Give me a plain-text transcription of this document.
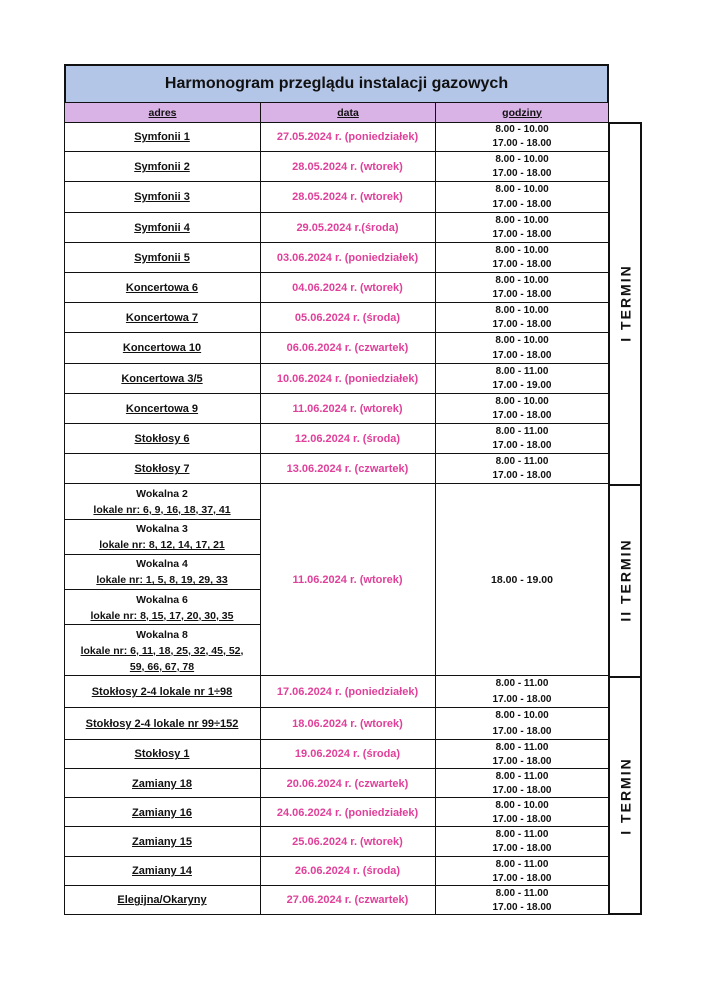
Harmonogram przeglądu instalacji gazowych
adres	data	godziny
Symfonii 1	27.05.2024 r. (poniedziałek)
8.00 - 10.00
17.00 - 18.00
Symfonii 2	28.05.2024 r. (wtorek)
8.00 - 10.00
17.00 - 18.00
Symfonii 3	28.05.2024 r. (wtorek)
8.00 - 10.00
17.00 - 18.00
Symfonii 4	29.05.2024 r.(środa)
8.00 - 10.00
17.00 - 18.00
Symfonii 5	03.06.2024 r. (poniedziałek)
8.00 - 10.00
17.00 - 18.00
Koncertowa 6	04.06.2024 r. (wtorek)
8.00 - 10.00
17.00 - 18.00
Koncertowa 7	05.06.2024 r. (środa)
8.00 - 10.00
17.00 - 18.00
Koncertowa 10	06.06.2024 r. (czwartek)
8.00 - 10.00
17.00 - 18.00
Koncertowa 3/5	10.06.2024 r. (poniedziałek)
8.00 - 11.00
17.00 - 19.00
Koncertowa 9	11.06.2024 r. (wtorek)
8.00 - 10.00
17.00 - 18.00
Stokłosy 6	12.06.2024 r. (środa)
8.00 - 11.00
17.00 - 18.00
Stokłosy 7	13.06.2024 r. (czwartek)
8.00 - 11.00
17.00 - 18.00
Wokalna 2
lokale nr: 6, 9, 16, 18, 37, 41
Wokalna 3
lokale nr: 8, 12, 14, 17, 21
Wokalna 4
lokale nr: 1, 5, 8, 19, 29, 33
Wokalna 6
lokale nr: 8, 15, 17, 20, 30, 35
Wokalna 8
lokale nr: 6, 11, 18, 25, 32, 45, 52,
59, 66, 67, 78
11.06.2024 r. (wtorek)	18.00 - 19.00
Stokłosy 2-4 lokale nr 1÷98	17.06.2024 r. (poniedziałek)
8.00 - 11.00
17.00 - 18.00
Stokłosy 2-4 lokale nr 99÷152	18.06.2024 r. (wtorek)
8.00 - 10.00
17.00 - 18.00
Stokłosy 1	19.06.2024 r. (środa)
8.00 - 11.00
17.00 - 18.00
Zamiany 18	20.06.2024 r. (czwartek)
8.00 - 11.00
17.00 - 18.00
Zamiany 16	24.06.2024 r. (poniedziałek)
8.00 - 10.00
17.00 - 18.00
Zamiany 15	25.06.2024 r. (wtorek)
8.00 - 11.00
17.00 - 18.00
Zamiany 14	26.06.2024 r. (środa)
8.00 - 11.00
17.00 - 18.00
Elegijna/Okaryny	27.06.2024 r. (czwartek)
8.00 - 11.00
17.00 - 18.00
I TERMIN
II TERMIN
I TERMIN
